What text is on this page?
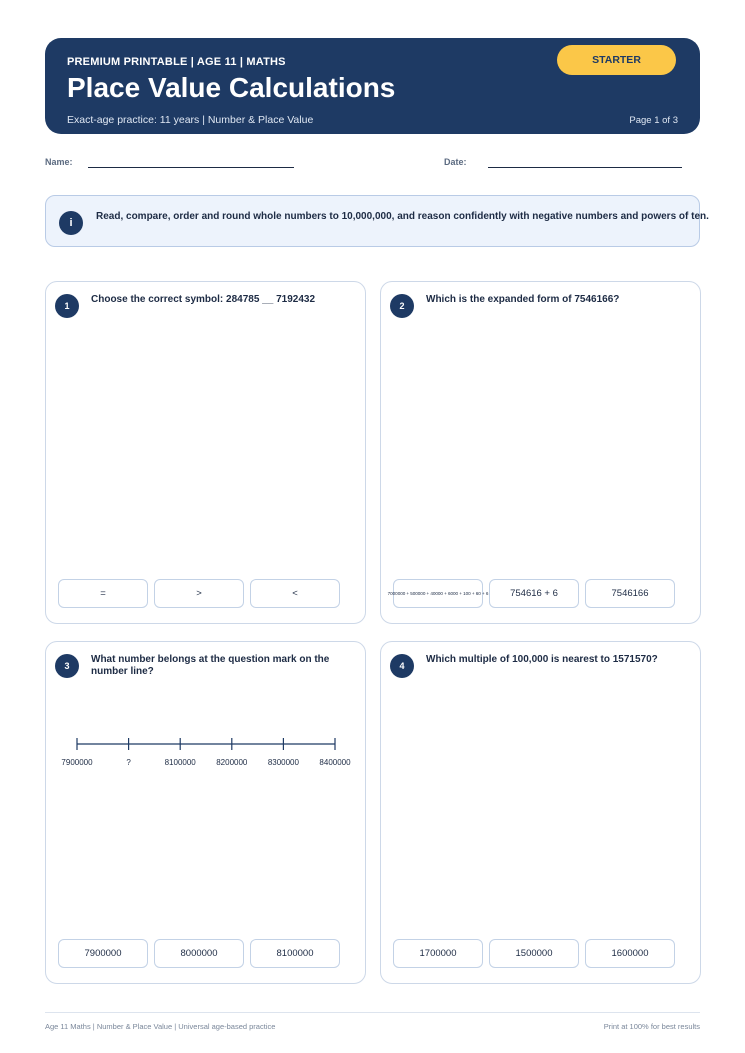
PREMIUM PRINTABLE | AGE 11 | MATHS
Place Value Calculations
Exact-age practice: 11 years | Number & Place Value	Page 1 of 3
STARTER
Name:	Date:
i
Read, compare, order and round whole numbers to 10,000,000, and reason confidently with negative numbers and powers of ten.
1
Choose the correct symbol: 284785 __ 7192432
=	>	<
2
Which is the expanded form of 7546166?
7000000 + 500000 + 40000 + 6000 + 100 + 60 + 6	754616 + 6	7546166
3
What number belongs at the question mark on the number line?
7900000	?	8100000	8200000	8300000	8400000
7900000	8000000	8100000
4
Which multiple of 100,000 is nearest to 1571570?
1700000	1500000	1600000
Age 11 Maths | Number & Place Value | Universal age-based practice	Print at 100% for best results
